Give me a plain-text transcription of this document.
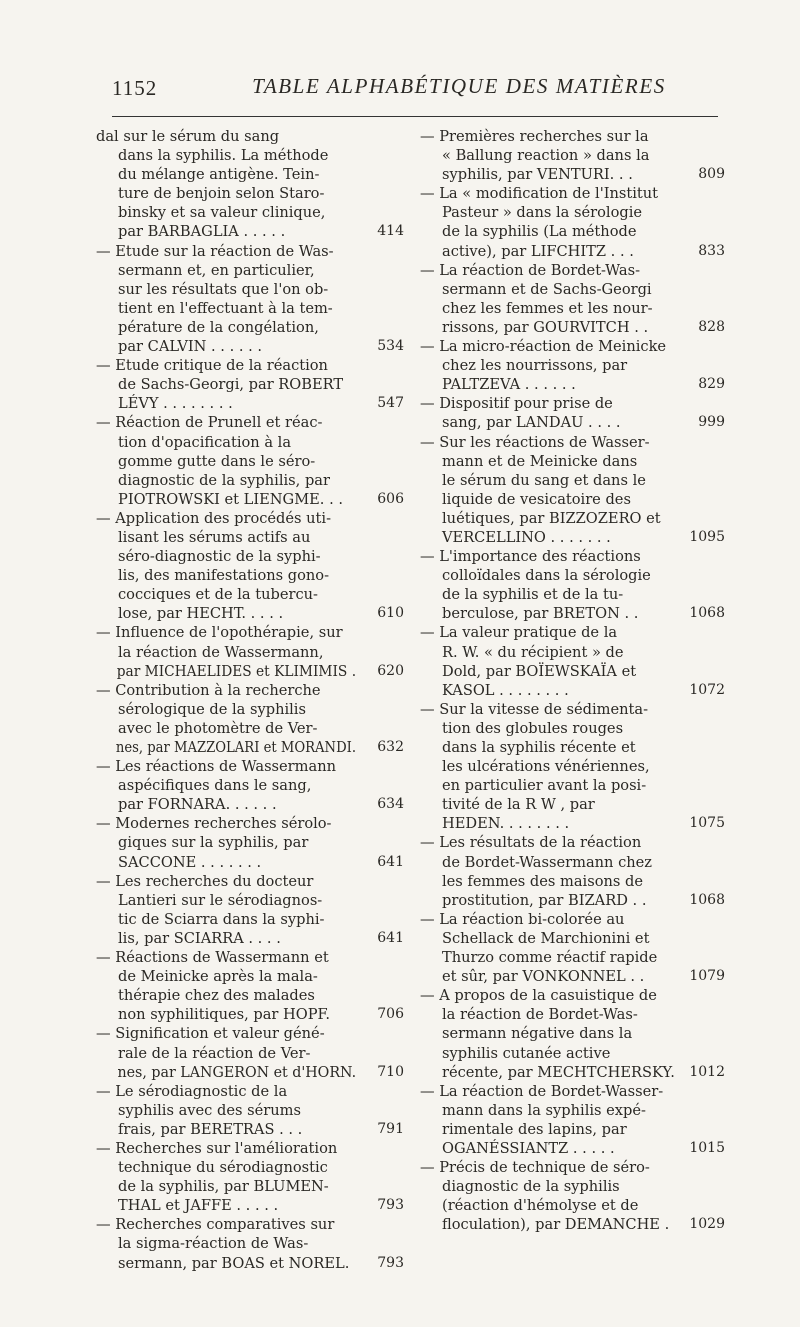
1152	TABLE ALPHABÉTIQUE DES MATIÈRES
dal sur le sérum du sang
dans la syphilis. La méthode
du mélange antigène. Tein-
ture de benjoin selon Staro-
binsky et sa valeur clinique,
par BARBAGLIA . . . . .	414
— Etude sur la réaction de Was-
sermann et, en particulier,
sur les résultats que l'on ob-
tient en l'effectuant à la tem-
pérature de la congélation,
par CALVIN . . . . . .	534
— Etude critique de la réaction
de Sachs-Georgi, par ROBERT
LÉVY . . . . . . . .	547
— Réaction de Prunell et réac-
tion d'opacification à la
gomme gutte dans le séro-
diagnostic de la syphilis, par
PIOTROWSKI et LIENGME. . . 606
— Application des procédés uti-
lisant les sérums actifs au
séro-diagnostic de la syphi-
lis, des manifestations gono-
cocciques et de la tubercu-
lose, par HECHT. . . . .	610
— Influence de l'opothérapie, sur
la réaction de Wassermann,
par MICHAELIDES et KLIMIMIS . 620
— Contribution à la recherche
sérologique de la syphilis
avec le photomètre de Ver-
nes, par MAZZOLARI et MORANDI. 632
— Les réactions de Wassermann
aspécifiques dans le sang,
par FORNARA. . . . . .	634
— Modernes recherches sérolo-
giques sur la syphilis, par
SACCONE . . . . . . .	641
— Les recherches du docteur
Lantieri sur le sérodiagnos-
tic de Sciarra dans la syphi-
lis, par SCIARRA . . . .	641
— Réactions de Wassermann et
de Meinicke après la mala-
thérapie chez des malades
non syphilitiques, par HOPF.	706
— Signification et valeur géné-
rale de la réaction de Ver-
nes, par LANGERON et d'HORN. 710
— Le sérodiagnostic de la
syphilis avec des sérums
frais, par BERETRAS . . .	791
— Recherches sur l'amélioration
technique du sérodiagnostic
de la syphilis, par BLUMEN-
THAL et JAFFE . . . . .	793
— Recherches comparatives sur
la sigma-réaction de Was-
sermann, par BOAS et NOREL. 793
— Premières recherches sur la
« Ballung reaction » dans la
syphilis, par VENTURI. . .	809
— La « modification de l'Institut
Pasteur » dans la sérologie
de la syphilis (La méthode
active), par LIFCHITZ . . .	833
— La réaction de Bordet-Was-
sermann et de Sachs-Georgi
chez les femmes et les nour-
rissons, par GOURVITCH . .	828
— La micro-réaction de Meinicke
chez les nourrissons, par
PALTZEVA . . . . . .	829
— Dispositif pour prise de
sang, par LANDAU . . . .	999
— Sur les réactions de Wasser-
mann et de Meinicke dans
le sérum du sang et dans le
liquide de vesicatoire des
luétiques, par BIZZOZERO et
VERCELLINO . . . . . . .	1095
— L'importance des réactions
colloïdales dans la sérologie
de la syphilis et de la tu-
berculose, par BRETON . .	1068
— La valeur pratique de la
R. W. « du récipient » de
Dold, par BOÏEWSKAÏA et
KASOL . . . . . . . .	1072
— Sur la vitesse de sédimenta-
tion des globules rouges
dans la syphilis récente et
les ulcérations vénériennes,
en particulier avant la posi-
tivité de la R W , par
HEDEN. . . . . . . .	1075
— Les résultats de la réaction
de Bordet-Wassermann chez
les femmes des maisons de
prostitution, par BIZARD . .	1068
— La réaction bi-colorée au
Schellack de Marchionini et
Thurzo comme réactif rapide
et sûr, par VONKONNEL . .	1079
— A propos de la casuistique de
la réaction de Bordet-Was-
sermann négative dans la
syphilis cutanée active
récente, par MECHTCHERSKY. 1012
— La réaction de Bordet-Wasser-
mann dans la syphilis expé-
rimentale des lapins, par
OGANÉSSIANTZ . . . . .	1015
— Précis de technique de séro-
diagnostic de la syphilis
(réaction d'hémolyse et de
floculation), par DEMANCHE . 1029
